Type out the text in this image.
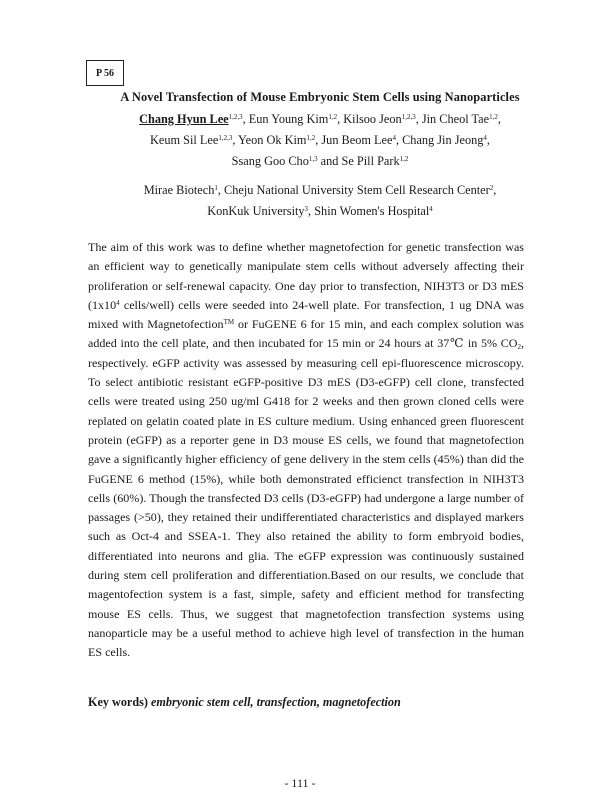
P 56
A Novel Transfection of Mouse Embryonic Stem Cells using Nanoparticles
Chang Hyun Lee$^{1,2,3}$, Eun Young Kim$^{1,2}$, Kilsoo Jeon$^{1,2,3}$, Jin Cheol Tae$^{1,2}$,
Keum Sil Lee$^{1,2,3}$, Yeon Ok Kim$^{1,2}$, Jun Beom Lee$^4$, Chang Jin Jeong$^4$,
Ssang Goo Cho$^{1,3}$ and Se Pill Park$^{1,2}$
Mirae Biotech$^1$, Cheju National University Stem Cell Research Center$^2$,
KonKuk University$^3$, Shin Women's Hospital$^4$

The aim of this work was to define whether magnetofection for genetic transfection was an efficient way to genetically manipulate stem cells without adversely affecting their proliferation or self-renewal capacity. One day prior to transfection, NIH3T3 or D3 mES ($1x10^4$ cells/well) cells were seeded into 24-well plate. For transfection, 1 ug DNA was mixed with Magnetofection™ or FuGENE 6 for 15 min, and each complex solution was added into the cell plate, and then incubated for 15 min or 24 hours at 37℃ in 5% $CO_2$, respectively. eGFP activity was assessed by measuring cell epi-fluorescence microscopy. To select antibiotic resistant eGFP-positive D3 mES (D3-eGFP) cell clone, transfected cells were treated using 250 ug/ml G418 for 2 weeks and then grown cloned cells were replated on gelatin coated plate in ES culture medium. Using enhanced green fluorescent protein (eGFP) as a reporter gene in D3 mouse ES cells, we found that magnetofection gave a significantly higher efficiency of gene delivery in the stem cells (45%) than did the FuGENE 6 method (15%), while both demonstrated efficienct transfection in NIH3T3 cells (60%). Though the transfected D3 cells (D3-eGFP) had undergone a large number of passages (>50), they retained their undifferentiated characteristics and displayed markers such as Oct-4 and SSEA-1. They also retained the ability to form embryoid bodies, differentiated into neurons and glia. The eGFP expression was continuously sustained during stem cell proliferation and differentiation.Based on our results, we conclude that magentofection system is a fast, simple, safety and efficient method for transfecting mouse ES cells. Thus, we suggest that magnetofection transfection systems using nanoparticle may be a useful method to achieve high level of transfection in the human ES cells.

Key words) embryonic stem cell, transfection, magnetofection
- 111 -
